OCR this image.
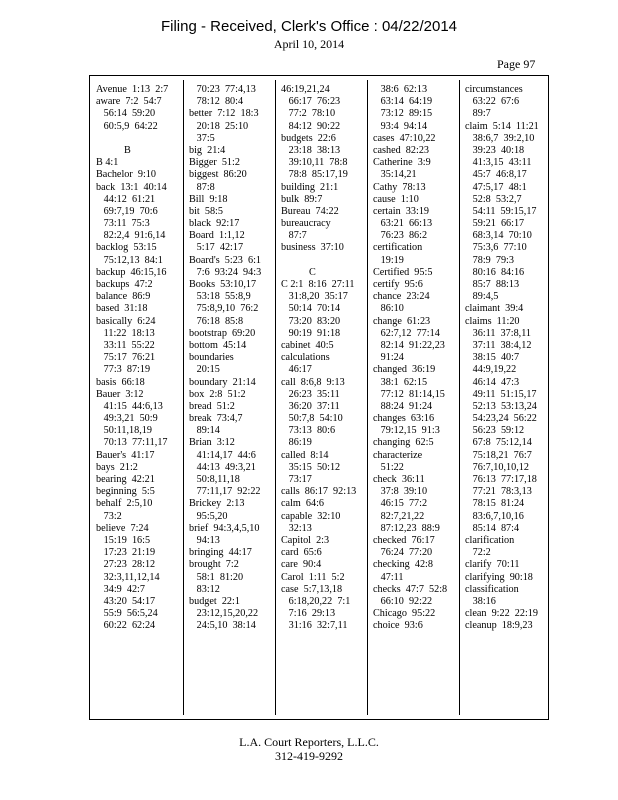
Filing - Received, Clerk's Office : 04/22/2014
April 10, 2014
Page 97
Avenue  1:13  2:7
aware  7:2  54:7
56:14  59:20
60:5,9  64:22
B
B 4:1
Bachelor  9:10
back  13:1  40:14
44:12  61:21
69:7,19  70:6
73:11  75:3
82:2,4  91:6,14
backlog  53:15
75:12,13  84:1
backup  46:15,16
backups  47:2
balance  86:9
based  31:18
basically  6:24
11:22  18:13
33:11  55:22
75:17  76:21
77:3  87:19
basis  66:18
Bauer  3:12
41:15  44:6,13
49:3,21  50:9
50:11,18,19
70:13  77:11,17
Bauer's  41:17
bays  21:2
bearing  42:21
beginning  5:5
behalf  2:5,10
73:2
believe  7:24
15:19  16:5
17:23  21:19
27:23  28:12
32:3,11,12,14
34:9  42:7
43:20  54:17
55:9  56:5,24
60:22  62:24
70:23  77:4,13
78:12  80:4
better  7:12  18:3
20:18  25:10
37:5
big  21:4
Bigger  51:2
biggest  86:20
87:8
Bill  9:18
bit  58:5
black  92:17
Board  1:1,12
5:17  42:17
Board's  5:23  6:1
7:6  93:24  94:3
Books  53:10,17
53:18  55:8,9
75:8,9,10  76:2
76:18  85:8
bootstrap  69:20
bottom  45:14
boundaries
20:15
boundary  21:14
box  2:8  51:2
bread  51:2
break  73:4,7
89:14
Brian  3:12
41:14,17  44:6
44:13  49:3,21
50:8,11,18
77:11,17  92:22
Brickey  2:13
95:5,20
brief  94:3,4,5,10
94:13
bringing  44:17
brought  7:2
58:1  81:20
83:12
budget  22:1
23:12,15,20,22
24:5,10  38:14
46:19,21,24
66:17  76:23
77:2  78:10
84:12  90:22
budgets  22:6
23:18  38:13
39:10,11  78:8
78:8  85:17,19
building  21:1
bulk  89:7
Bureau  74:22
bureaucracy
87:7
business  37:10
C
C 2:1  8:16  27:11
31:8,20  35:17
50:14  70:14
73:20  83:20
90:19  91:18
cabinet  40:5
calculations
46:17
call  8:6,8  9:13
26:23  35:11
36:20  37:11
50:7,8  54:10
73:13  80:6
86:19
called  8:14
35:15  50:12
73:17
calls  86:17  92:13
calm  64:6
capable  32:10
32:13
Capitol  2:3
card  65:6
care  90:4
Carol  1:11  5:2
case  5:7,13,18
6:18,20,22  7:1
7:16  29:13
31:16  32:7,11
38:6  62:13
63:14  64:19
73:12  89:15
93:4  94:14
cases  47:10,22
cashed  82:23
Catherine  3:9
35:14,21
Cathy  78:13
cause  1:10
certain  33:19
63:21  66:13
76:23  86:2
certification
19:19
Certified  95:5
certify  95:6
chance  23:24
86:10
change  61:23
62:7,12  77:14
82:14  91:22,23
91:24
changed  36:19
38:1  62:15
77:12  81:14,15
88:24  91:24
changes  63:16
79:12,15  91:3
changing  62:5
characterize
51:22
check  36:11
37:8  39:10
46:15  77:2
82:7,21,22
87:12,23  88:9
checked  76:17
76:24  77:20
checking  42:8
47:11
checks  47:7  52:8
66:10  92:22
Chicago  95:22
choice  93:6
circumstances
63:22  67:6
89:7
claim  5:14  11:21
38:6,7  39:2,10
39:23  40:18
41:3,15  43:11
45:7  46:8,17
47:5,17  48:1
52:8  53:2,7
54:11  59:15,17
59:21  66:17
68:3,14  70:10
75:3,6  77:10
78:9  79:3
80:16  84:16
85:7  88:13
89:4,5
claimant  39:4
claims  11:20
36:11  37:8,11
37:11  38:4,12
38:15  40:7
44:9,19,22
46:14  47:3
49:11  51:15,17
52:13  53:13,24
54:23,24  56:22
56:23  59:12
67:8  75:12,14
75:18,21  76:7
76:7,10,10,12
76:13  77:17,18
77:21  78:3,13
78:15  81:24
83:6,7,10,16
85:14  87:4
clarification
72:2
clarify  70:11
clarifying  90:18
classification
38:16
clean  9:22  22:19
cleanup  18:9,23
L.A. Court Reporters, L.L.C.
312-419-9292
